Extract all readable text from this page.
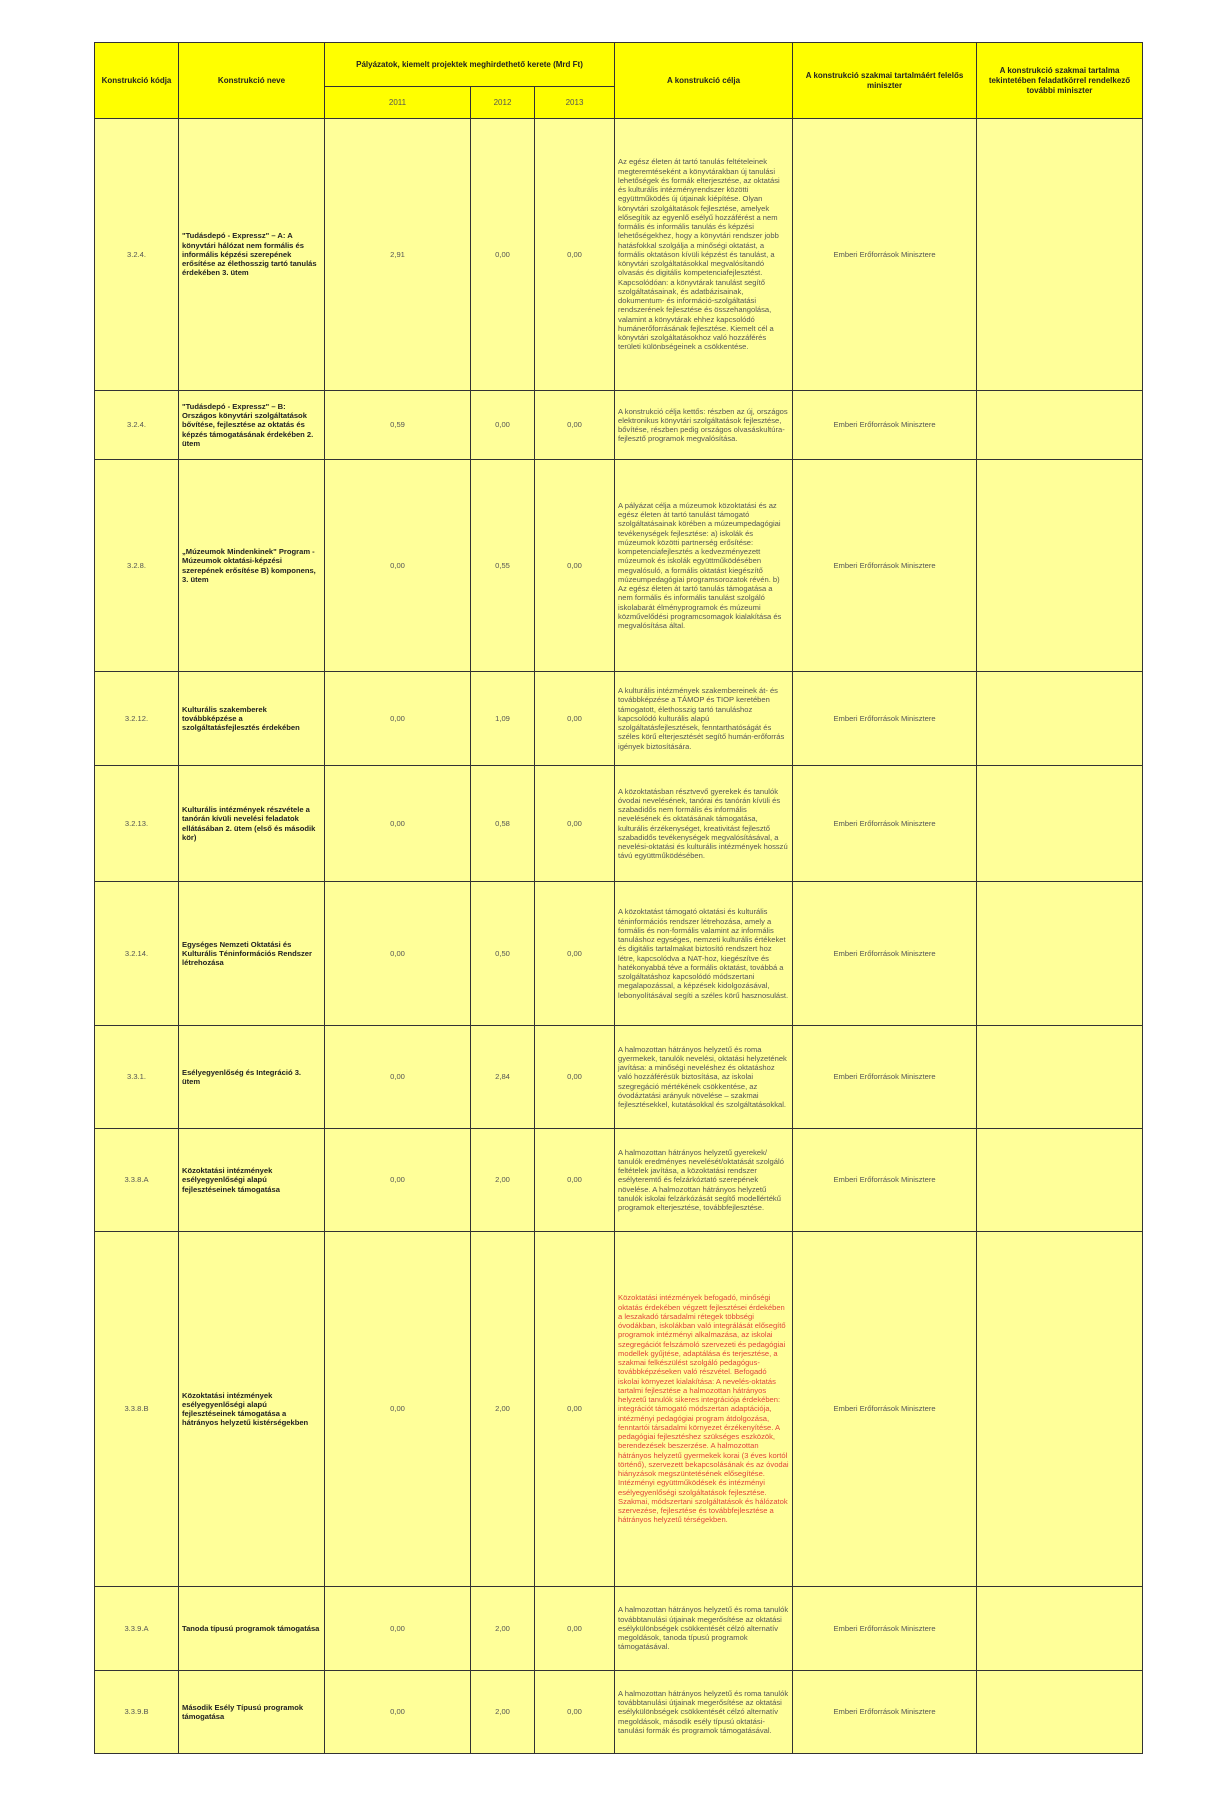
Konstrukció kódja	Konstrukció neve	Pályázatok, kiemelt projektek meghirdethető kerete (Mrd Ft)			A konstrukció célja	A konstrukció szakmai tartalmáért felelős miniszter	A konstrukció szakmai tartalma tekintetében feladatkörrel rendelkező további miniszter
		2011	2012	2013			
3.2.4.	"Tudásdepó - Expressz" – A: A könyvtári hálózat nem formális és informális képzési szerepének erősítése az élethosszig tartó tanulás érdekében 3. ütem	2,91	0,00	0,00	Az egész életen át tartó tanulás feltételeinek megteremtéseként a könyvtárakban új tanulási lehetőségek és formák elterjesztése, az oktatási és kulturális intézményrendszer közötti együttműködés új útjainak kiépítése. Olyan könyvtári szolgáltatások fejlesztése, amelyek elősegítik az egyenlő esélyű hozzáférést a nem formális és informális tanulás és képzési lehetőségekhez, hogy a könyvtári rendszer jobb hatásfokkal szolgálja a minőségi oktatást, a formális oktatáson kívüli képzést és tanulást, a könyvtári szolgáltatásokkal megvalósítandó olvasás és digitális kompetenciafejlesztést. Kapcsolódóan: a könyvtárak tanulást segítő szolgáltatásainak, és adatbázisainak, dokumentum- és információ-szolgáltatási rendszerének fejlesztése és összehangolása, valamint a könyvtárak ehhez kapcsolódó humánerőforrásának fejlesztése. Kiemelt cél a könyvtári szolgáltatásokhoz való hozzáférés területi különbségeinek a csökkentése.	Emberi Erőforrások Minisztere	
3.2.4.	"Tudásdepó - Expressz" – B: Országos könyvtári szolgáltatások bővítése, fejlesztése az oktatás és képzés támogatásának érdekében 2. ütem	0,59	0,00	0,00	A konstrukció célja kettős: részben az új, országos elektronikus könyvtári szolgáltatások fejlesztése, bővítése, részben pedig országos olvasáskultúra-fejlesztő programok megvalósítása.	Emberi Erőforrások Minisztere	
3.2.8.	„Múzeumok Mindenkinek" Program - Múzeumok oktatási-képzési szerepének erősítése B) komponens, 3. ütem	0,00	0,55	0,00	A pályázat célja a múzeumok közoktatási és az egész életen át tartó tanulást támogató szolgáltatásainak körében a múzeumpedagógiai tevékenységek fejlesztése: a) iskolák és múzeumok közötti partnerség erősítése: kompetenciafejlesztés a kedvezményezett múzeumok és iskolák együttműködésében megvalósuló, a formális oktatást kiegészítő múzeumpedagógiai programsorozatok révén. b) Az egész életen át tartó tanulás támogatása a nem formális és informális tanulást szolgáló iskolabarát élményprogramok és múzeumi közművelődési programcsomagok kialakítása és megvalósítása által.	Emberi Erőforrások Minisztere	
3.2.12.	Kulturális szakemberek továbbképzése a szolgáltatásfejlesztés érdekében	0,00	1,09	0,00	A kulturális intézmények szakembereinek át- és továbbképzése a TÁMOP és TIOP keretében támogatott, élethosszig tartó tanuláshoz kapcsolódó kulturális alapú szolgáltatásfejlesztések, fenntarthatóságát és széles körű elterjesztését segítő humán-erőforrás igények biztosítására.	Emberi Erőforrások Minisztere	
3.2.13.	Kulturális intézmények részvétele a tanórán kívüli nevelési feladatok ellátásában 2. ütem (első és második kör)	0,00	0,58	0,00	A közoktatásban résztvevő gyerekek és tanulók óvodai nevelésének, tanórai és tanórán kívüli és szabadidős nem formális és informális nevelésének és oktatásának támogatása, kulturális érzékenységet, kreativitást fejlesztő szabadidős tevékenységek megvalósításával, a nevelési-oktatási és kulturális intézmények hosszú távú együttműködésében.	Emberi Erőforrások Minisztere	
3.2.14.	Egységes Nemzeti Oktatási és Kulturális Téninformációs Rendszer létrehozása	0,00	0,50	0,00	A közoktatást támogató oktatási és kulturális téninformációs rendszer létrehozása, amely a formális és non-formális valamint az informális tanuláshoz egységes, nemzeti kulturális értékeket és digitális tartalmakat biztosító rendszert hoz létre, kapcsolódva a NAT-hoz, kiegészítve és hatékonyabbá téve a formális oktatást, továbbá a szolgáltatáshoz kapcsolódó módszertani megalapozással, a képzések kidolgozásával, lebonyolításával segíti a széles körű hasznosulást.	Emberi Erőforrások Minisztere	
3.3.1.	Esélyegyenlőség és Integráció 3. ütem	0,00	2,84	0,00	A halmozottan hátrányos helyzetű és roma gyermekek, tanulók nevelési, oktatási helyzetének javítása: a minőségi neveléshez és oktatáshoz való hozzáférésük biztosítása, az iskolai szegregáció mértékének csökkentése, az óvodáztatási arányuk növelése – szakmai fejlesztésekkel, kutatásokkal és szolgáltatásokkal.	Emberi Erőforrások Minisztere	
3.3.8.A	Közoktatási intézmények esélyegyenlőségi alapú fejlesztéseinek támogatása	0,00	2,00	0,00	A halmozottan hátrányos helyzetű gyerekek/ tanulók eredményes nevelését/oktatását szolgáló feltételek javítása, a közoktatási rendszer esélyteremtő és felzárkóztató szerepének növelése. A halmozottan hátrányos helyzetű tanulók iskolai felzárkózását segítő modellértékű programok elterjesztése, továbbfejlesztése.	Emberi Erőforrások Minisztere	
3.3.8.B	Közoktatási intézmények esélyegyenlőségi alapú fejlesztéseinek támogatása a hátrányos helyzetű kistérségekben	0,00	2,00	0,00	Közoktatási intézmények befogadó, minőségi oktatás érdekében végzett fejlesztései érdekében a leszakadó társadalmi rétegek többségi óvodákban, iskolákban való integrálását elősegítő programok intézményi alkalmazása, az iskolai szegregációt felszámoló szervezeti és pedagógiai modellek gyűjtése, adaptálása és terjesztése, a szakmai felkészülést szolgáló pedagógus-továbbképzéseken való részvétel. Befogadó iskolai környezet kialakítása: A nevelés-oktatás tartalmi fejlesztése a halmozottan hátrányos helyzetű tanulók sikeres integrációja érdekében: integrációt támogató módszertan adaptációja, intézményi pedagógiai program átdolgozása, fenntartói társadalmi környezet érzékenyítése. A pedagógiai fejlesztéshez szükséges eszközök, berendezések beszerzése. A halmozottan hátrányos helyzetű gyermekek korai (3 éves kortól történő), szervezett bekapcsolásának és az óvodai hiányzások megszüntetésének elősegítése. Intézményi együttműködések és intézményi esélyegyenlőségi szolgáltatások fejlesztése. Szakmai, módszertani szolgáltatások és hálózatok szervezése, fejlesztése és továbbfejlesztése a hátrányos helyzetű térségekben.	Emberi Erőforrások Minisztere	
3.3.9.A	Tanoda típusú programok támogatása	0,00	2,00	0,00	A halmozottan hátrányos helyzetű és roma tanulók továbbtanulási útjainak megerősítése az oktatási esélykülönbségek csökkentését célzó alternatív megoldások, tanoda típusú programok támogatásával.	Emberi Erőforrások Minisztere	
3.3.9.B	Második Esély Típusú programok támogatása	0,00	2,00	0,00	A halmozottan hátrányos helyzetű és roma tanulók továbbtanulási útjainak megerősítése az oktatási esélykülönbségek csökkentését célzó alternatív megoldások, második esély típusú oktatási-tanulási formák és programok támogatásával.	Emberi Erőforrások Minisztere	
